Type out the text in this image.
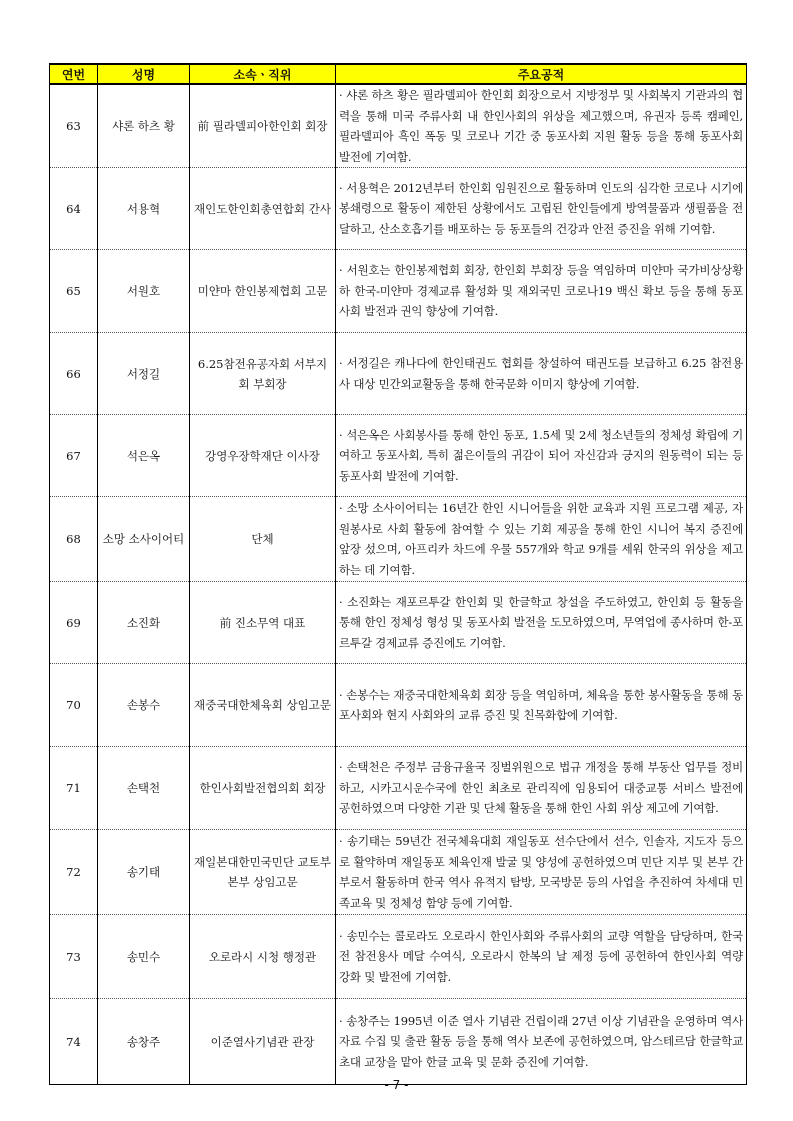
연번	성명	소속ㆍ직위	주요공적
63	샤론 하츠 황	前 필라델피아한인회 회장	· 샤론 하츠 황은 필라델피아 한인회 회장으로서 지방정부 및 사회복지 기관과의 협력을 통해 미국 주류사회 내 한인사회의 위상을 제고했으며, 유권자 등록 캠페인, 필라델피아 흑인 폭동 및 코로나 기간 중 동포사회 지원 활동 등을 통해 동포사회 발전에 기여함.
64	서용혁	재인도한인회총연합회 간사	· 서용혁은 2012년부터 한인회 임원진으로 활동하며 인도의 심각한 코로나 시기에 봉쇄령으로 활동이 제한된 상황에서도 고립된 한인들에게 방역물품과 생필품을 전달하고, 산소호흡기를 배포하는 등 동포들의 건강과 안전 증진을 위해 기여함.
65	서원호	미얀마 한인봉제협회 고문	· 서원호는 한인봉제협회 회장, 한인회 부회장 등을 역임하며 미얀마 국가비상상황 하 한국-미얀마 경제교류 활성화 및 재외국민 코로나19 백신 확보 등을 통해 동포 사회 발전과 권익 향상에 기여함.
66	서정길	6.25참전유공자회 서부지회 부회장	· 서정길은 캐나다에 한인태권도 협회를 창설하여 태권도를 보급하고 6.25 참전용사 대상 민간외교활동을 통해 한국문화 이미지 향상에 기여함.
67	석은옥	강영우장학재단 이사장	· 석은옥은 사회봉사를 통해 한인 동포, 1.5세 및 2세 청소년들의 정체성 확립에 기여하고 동포사회, 특히 젊은이들의 귀감이 되어 자신감과 긍지의 원동력이 되는 등 동포사회 발전에 기여함.
68	소망 소사이어티	단체	· 소망 소사이어티는 16년간 한인 시니어들을 위한 교육과 지원 프로그램 제공, 자원봉사로 사회 활동에 참여할 수 있는 기회 제공을 통해 한인 시니어 복지 증진에 앞장 섰으며, 아프리카 차드에 우물 557개와 학교 9개를 세워 한국의 위상을 제고하는 데 기여함.
69	소진화	前 진소무역 대표	· 소진화는 재포르투갈 한인회 및 한글학교 창설을 주도하였고, 한인회 등 활동을 통해 한인 정체성 형성 및 동포사회 발전을 도모하였으며, 무역업에 종사하며 한-포르투갈 경제교류 증진에도 기여함.
70	손봉수	재중국대한체육회 상임고문	· 손봉수는 재중국대한체육회 회장 등을 역임하며, 체육을 통한 봉사활동을 통해 동포사회와 현지 사회와의 교류 증진 및 친목화합에 기여함.
71	손택천	한인사회발전협의회 회장	· 손택천은 주정부 금융규율국 징벌위원으로 법규 개정을 통해 부동산 업무를 정비하고, 시카고시운수국에 한인 최초로 관리직에 임용되어 대중교통 서비스 발전에 공헌하였으며 다양한 기관 및 단체 활동을 통해 한인 사회 위상 제고에 기여함.
72	송기태	재일본대한민국민단 교토부본부 상임고문	· 송기태는 59년간 전국체육대회 재일동포 선수단에서 선수, 인솔자, 지도자 등으로 활약하며 재일동포 체육인재 발굴 및 양성에 공헌하였으며 민단 지부 및 본부 간부로서 활동하며 한국 역사 유적지 탐방, 모국방문 등의 사업을 추진하여 차세대 민족교육 및 정체성 함양 등에 기여함.
73	송민수	오로라시 시청 행정관	· 송민수는 콜로라도 오로라시 한인사회와 주류사회의 교량 역할을 담당하며, 한국전 참전용사 메달 수여식, 오로라시 한복의 날 제정 등에 공헌하여 한인사회 역량 강화 및 발전에 기여함.
74	송창주	이준열사기념관 관장	· 송창주는 1995년 이준 열사 기념관 건립이래 27년 이상 기념관을 운영하며 역사 자료 수집 및 출관 활동 등을 통해 역사 보존에 공헌하였으며, 암스테르담 한글학교 초대 교장을 맡아 한글 교육 및 문화 증진에 기여함.
- 7 -
